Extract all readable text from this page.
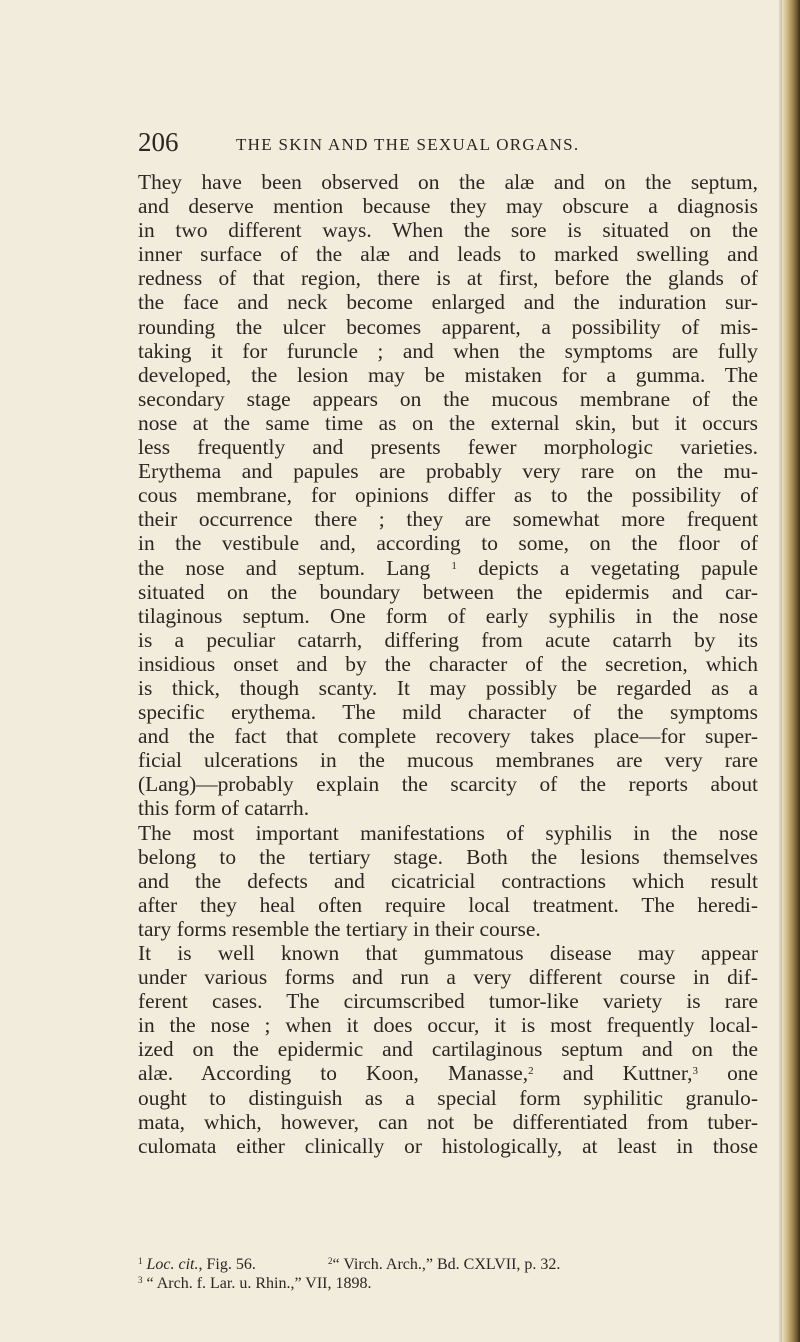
206	THE SKIN AND THE SEXUAL ORGANS.
They have been observed on the alæ and on the septum,
and deserve mention because they may obscure a diagnosis
in two different ways. When the sore is situated on the
inner surface of the alæ and leads to marked swelling and
redness of that region, there is at first, before the glands of
the face and neck become enlarged and the induration sur-
rounding the ulcer becomes apparent, a possibility of mis-
taking it for furuncle ; and when the symptoms are fully
developed, the lesion may be mistaken for a gumma. The
secondary stage appears on the mucous membrane of the
nose at the same time as on the external skin, but it occurs
less frequently and presents fewer morphologic varieties.
Erythema and papules are probably very rare on the mu-
cous membrane, for opinions differ as to the possibility of
their occurrence there ; they are somewhat more frequent
in the vestibule and, according to some, on the floor of
the nose and septum. Lang $^1$ depicts a vegetating papule
situated on the boundary between the epidermis and car-
tilaginous septum. One form of early syphilis in the nose
is a peculiar catarrh, differing from acute catarrh by its
insidious onset and by the character of the secretion, which
is thick, though scanty. It may possibly be regarded as a
specific erythema. The mild character of the symptoms
and the fact that complete recovery takes place—for super-
ficial ulcerations in the mucous membranes are very rare
(Lang)—probably explain the scarcity of the reports about
this form of catarrh.
The most important manifestations of syphilis in the nose
belong to the tertiary stage. Both the lesions themselves
and the defects and cicatricial contractions which result
after they heal often require local treatment. The heredi-
tary forms resemble the tertiary in their course.
It is well known that gummatous disease may appear
under various forms and run a very different course in dif-
ferent cases. The circumscribed tumor-like variety is rare
in the nose ; when it does occur, it is most frequently local-
ized on the epidermic and cartilaginous septum and on the
alæ. According to Koon, Manasse,$^2$ and Kuttner,$^3$ one
ought to distinguish as a special form syphilitic granulo-
mata, which, however, can not be differentiated from tuber-
culomata either clinically or histologically, at least in those
$^1$ Loc. cit., Fig. 56.	$^2$“ Virch. Arch.,” Bd. CXLVII, p. 32.
$^3$ “ Arch. f. Lar. u. Rhin.,” VII, 1898.
